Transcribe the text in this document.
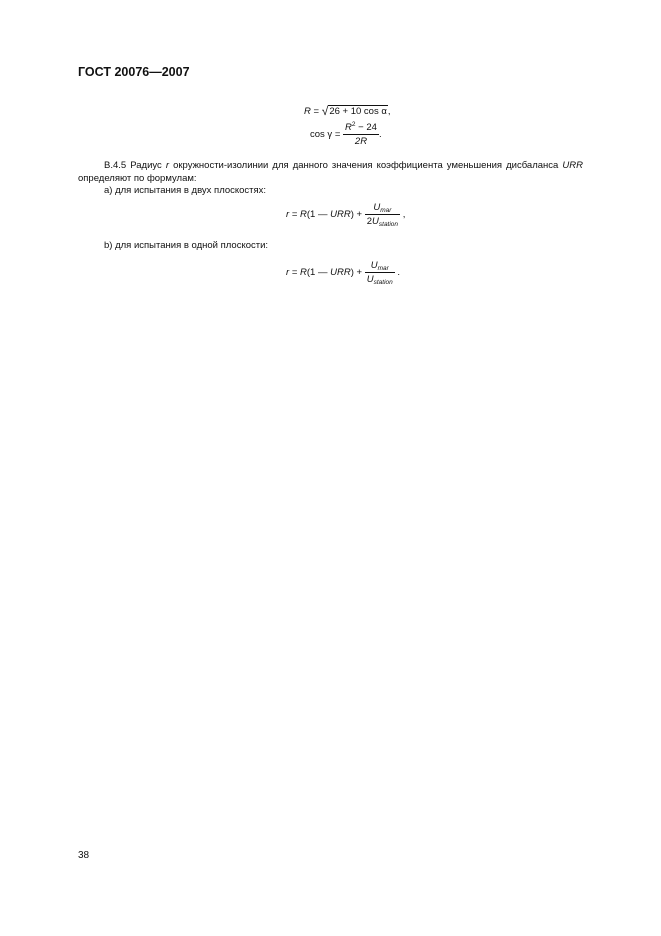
ГОСТ 20076—2007
R = √26 + 10 cos α,
$\cos \gamma = \frac{R^2 - 24}{2R}$ .
В.4.5 Радиус r окружности-изолинии для данного значения коэффициента уменьшения дисбаланса URR определяют по формулам:
а) для испытания в двух плоскостях:
r = R(1 — $URR) + \frac{U_{mar}}{2U_{station}}$ ,
b) для испытания в одной плоскости:
r = R(1 — $URR) + \frac{U_{mar}}{U_{station}}$ .
38
